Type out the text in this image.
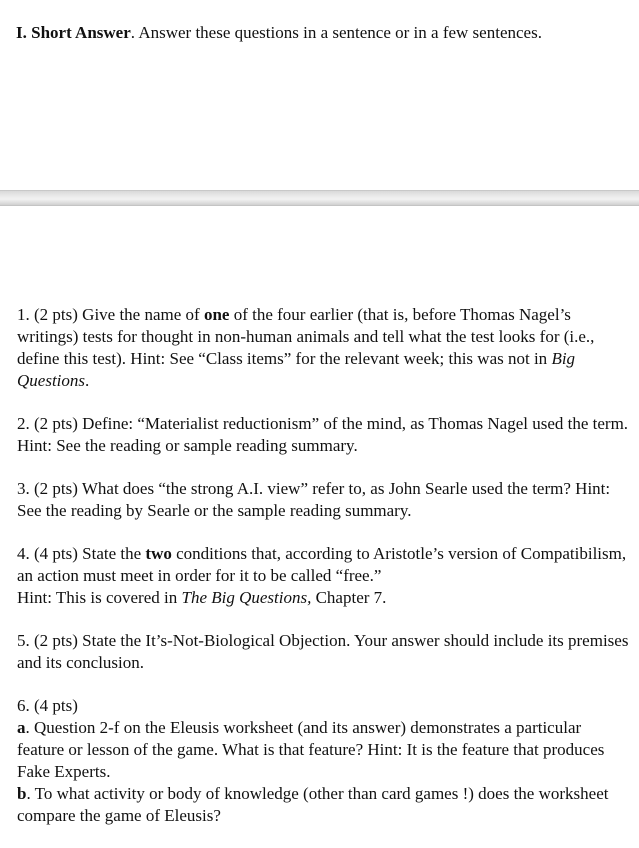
I. Short Answer. Answer these questions in a sentence or in a few sentences.

1. (2 pts) Give the name of one of the four earlier (that is, before Thomas Nagel’s writings) tests for thought in non-human animals and tell what the test looks for (i.e., define this test). Hint: See “Class items” for the relevant week; this was not in Big Questions.

2. (2 pts) Define: “Materialist reductionism” of the mind, as Thomas Nagel used the term. Hint: See the reading or sample reading summary.

3. (2 pts) What does “the strong A.I. view” refer to, as John Searle used the term? Hint: See the reading by Searle or the sample reading summary.

4. (4 pts) State the two conditions that, according to Aristotle’s version of Compatibilism, an action must meet in order for it to be called “free.”

Hint: This is covered in The Big Questions, Chapter 7.

5. (2 pts) State the It’s-Not-Biological Objection. Your answer should include its premises and its conclusion.

6. (4 pts)

a. Question 2-f on the Eleusis worksheet (and its answer) demonstrates a particular feature or lesson of the game. What is that feature? Hint: It is the feature that produces Fake Experts.

b. To what activity or body of knowledge (other than card games !) does the worksheet compare the game of Eleusis?
